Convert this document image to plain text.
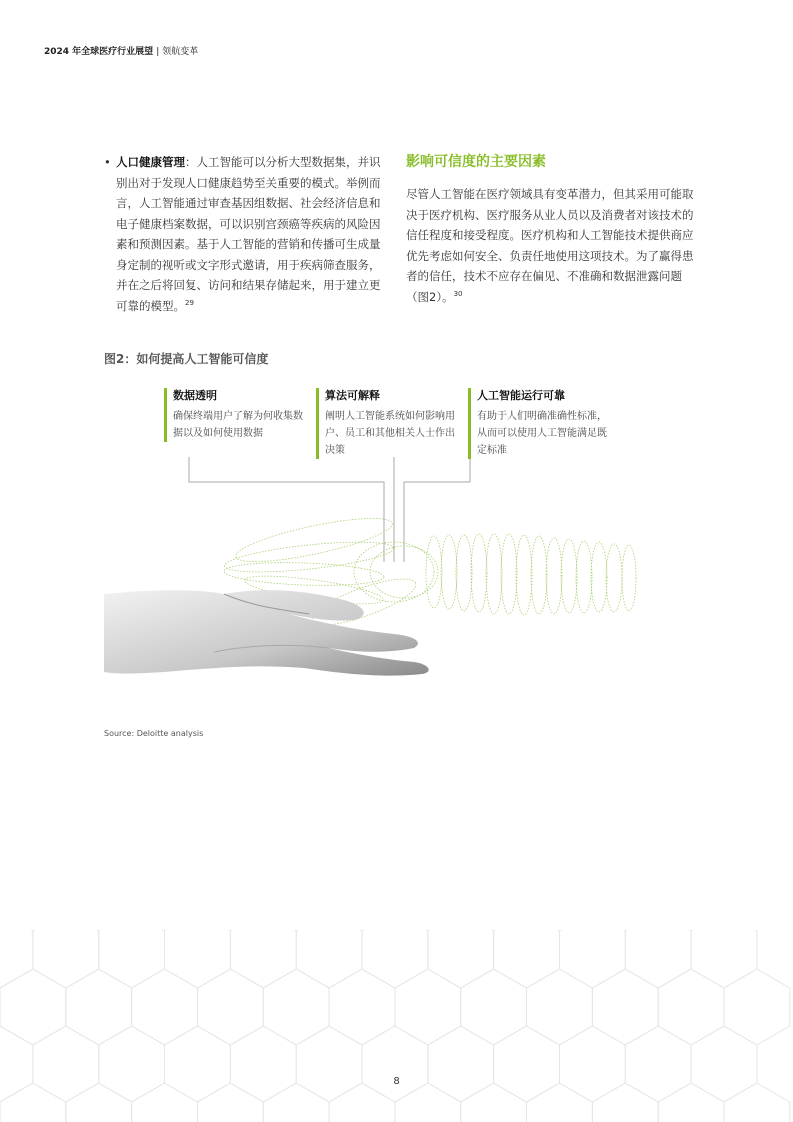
2024 年全球医疗行业展望 | 领航变革
• 人口健康管理：人工智能可以分析大型数据集，并识别出对于发现人口健康趋势至关重要的模式。举例而言，人工智能通过审查基因组数据、社会经济信息和电子健康档案数据，可以识别宫颈癌等疾病的风险因素和预测因素。基于人工智能的营销和传播可生成量身定制的视听或文字形式邀请，用于疾病筛查服务，并在之后将回复、访问和结果存储起来，用于建立更可靠的模型。$^{29}$
影响可信度的主要因素

尽管人工智能在医疗领域具有变革潜力，但其采用可能取决于医疗机构、医疗服务从业人员以及消费者对该技术的信任程度和接受程度。医疗机构和人工智能技术提供商应优先考虑如何安全、负责任地使用这项技术。为了赢得患者的信任，技术不应存在偏见、不准确和数据泄露问题（图2）。$^{30}$

图2：如何提高人工智能可信度
数据透明

确保终端用户了解为何收集数据以及如何使用数据

算法可解释

阐明人工智能系统如何影响用户、员工和其他相关人士作出决策

人工智能运行可靠

有助于人们明确准确性标准，从而可以使用人工智能满足既定标准

Source: Deloitte analysis
8
